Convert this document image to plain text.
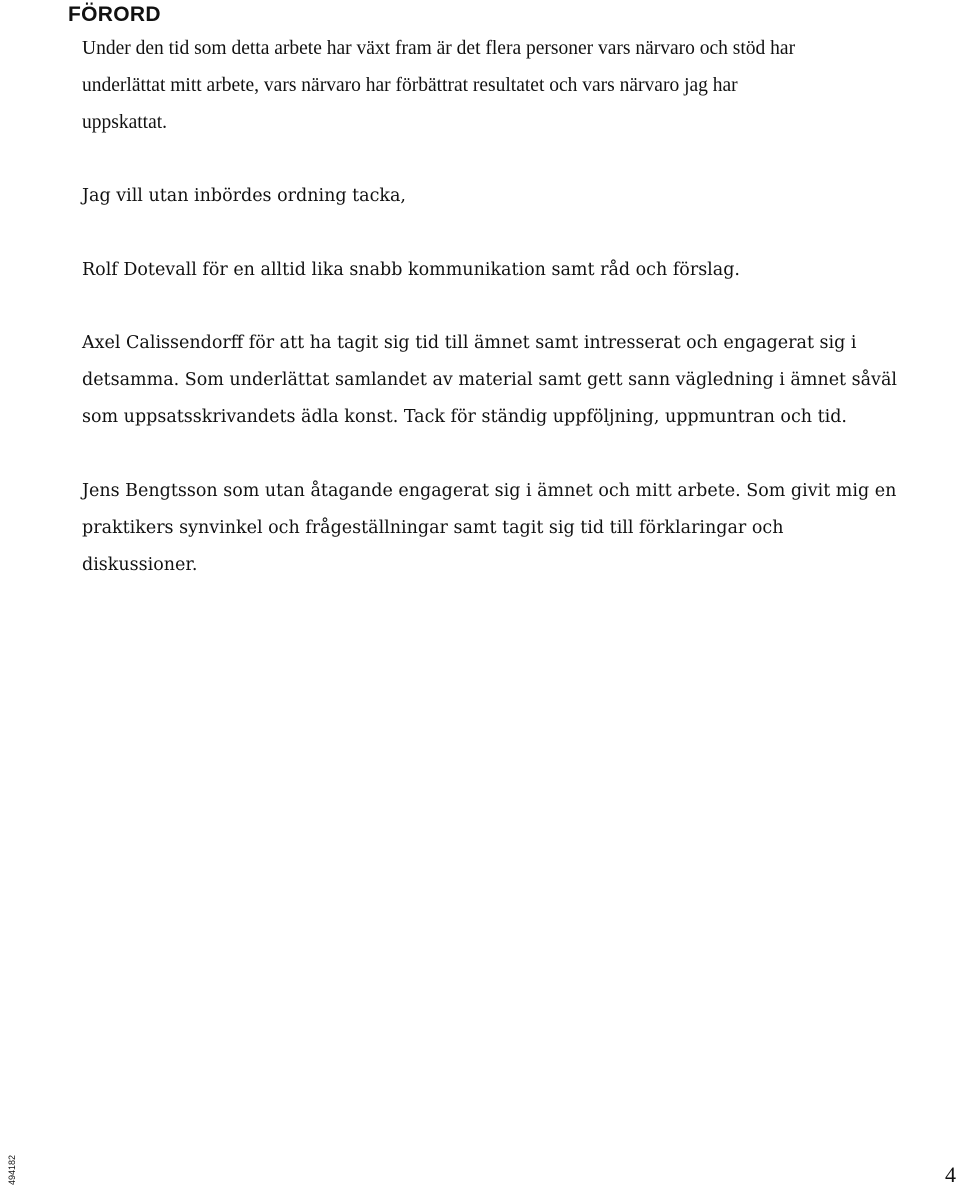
FÖRORD

Under den tid som detta arbete har växt fram är det flera personer vars närvaro och stöd har
underlättat mitt arbete, vars närvaro har förbättrat resultatet och vars närvaro jag har
uppskattat.

Jag vill utan inbördes ordning tacka,

Rolf Dotevall för en alltid lika snabb kommunikation samt råd och förslag.

Axel Calissendorff för att ha tagit sig tid till ämnet samt intresserat och engagerat sig i
detsamma. Som underlättat samlandet av material samt gett sann vägledning i ämnet såväl
som uppsatsskrivandets ädla konst. Tack för ständig uppföljning, uppmuntran och tid.

Jens Bengtsson som utan åtagande engagerat sig i ämnet och mitt arbete. Som givit mig en
praktikers synvinkel och frågeställningar samt tagit sig tid till förklaringar och
diskussioner.

494182	4
